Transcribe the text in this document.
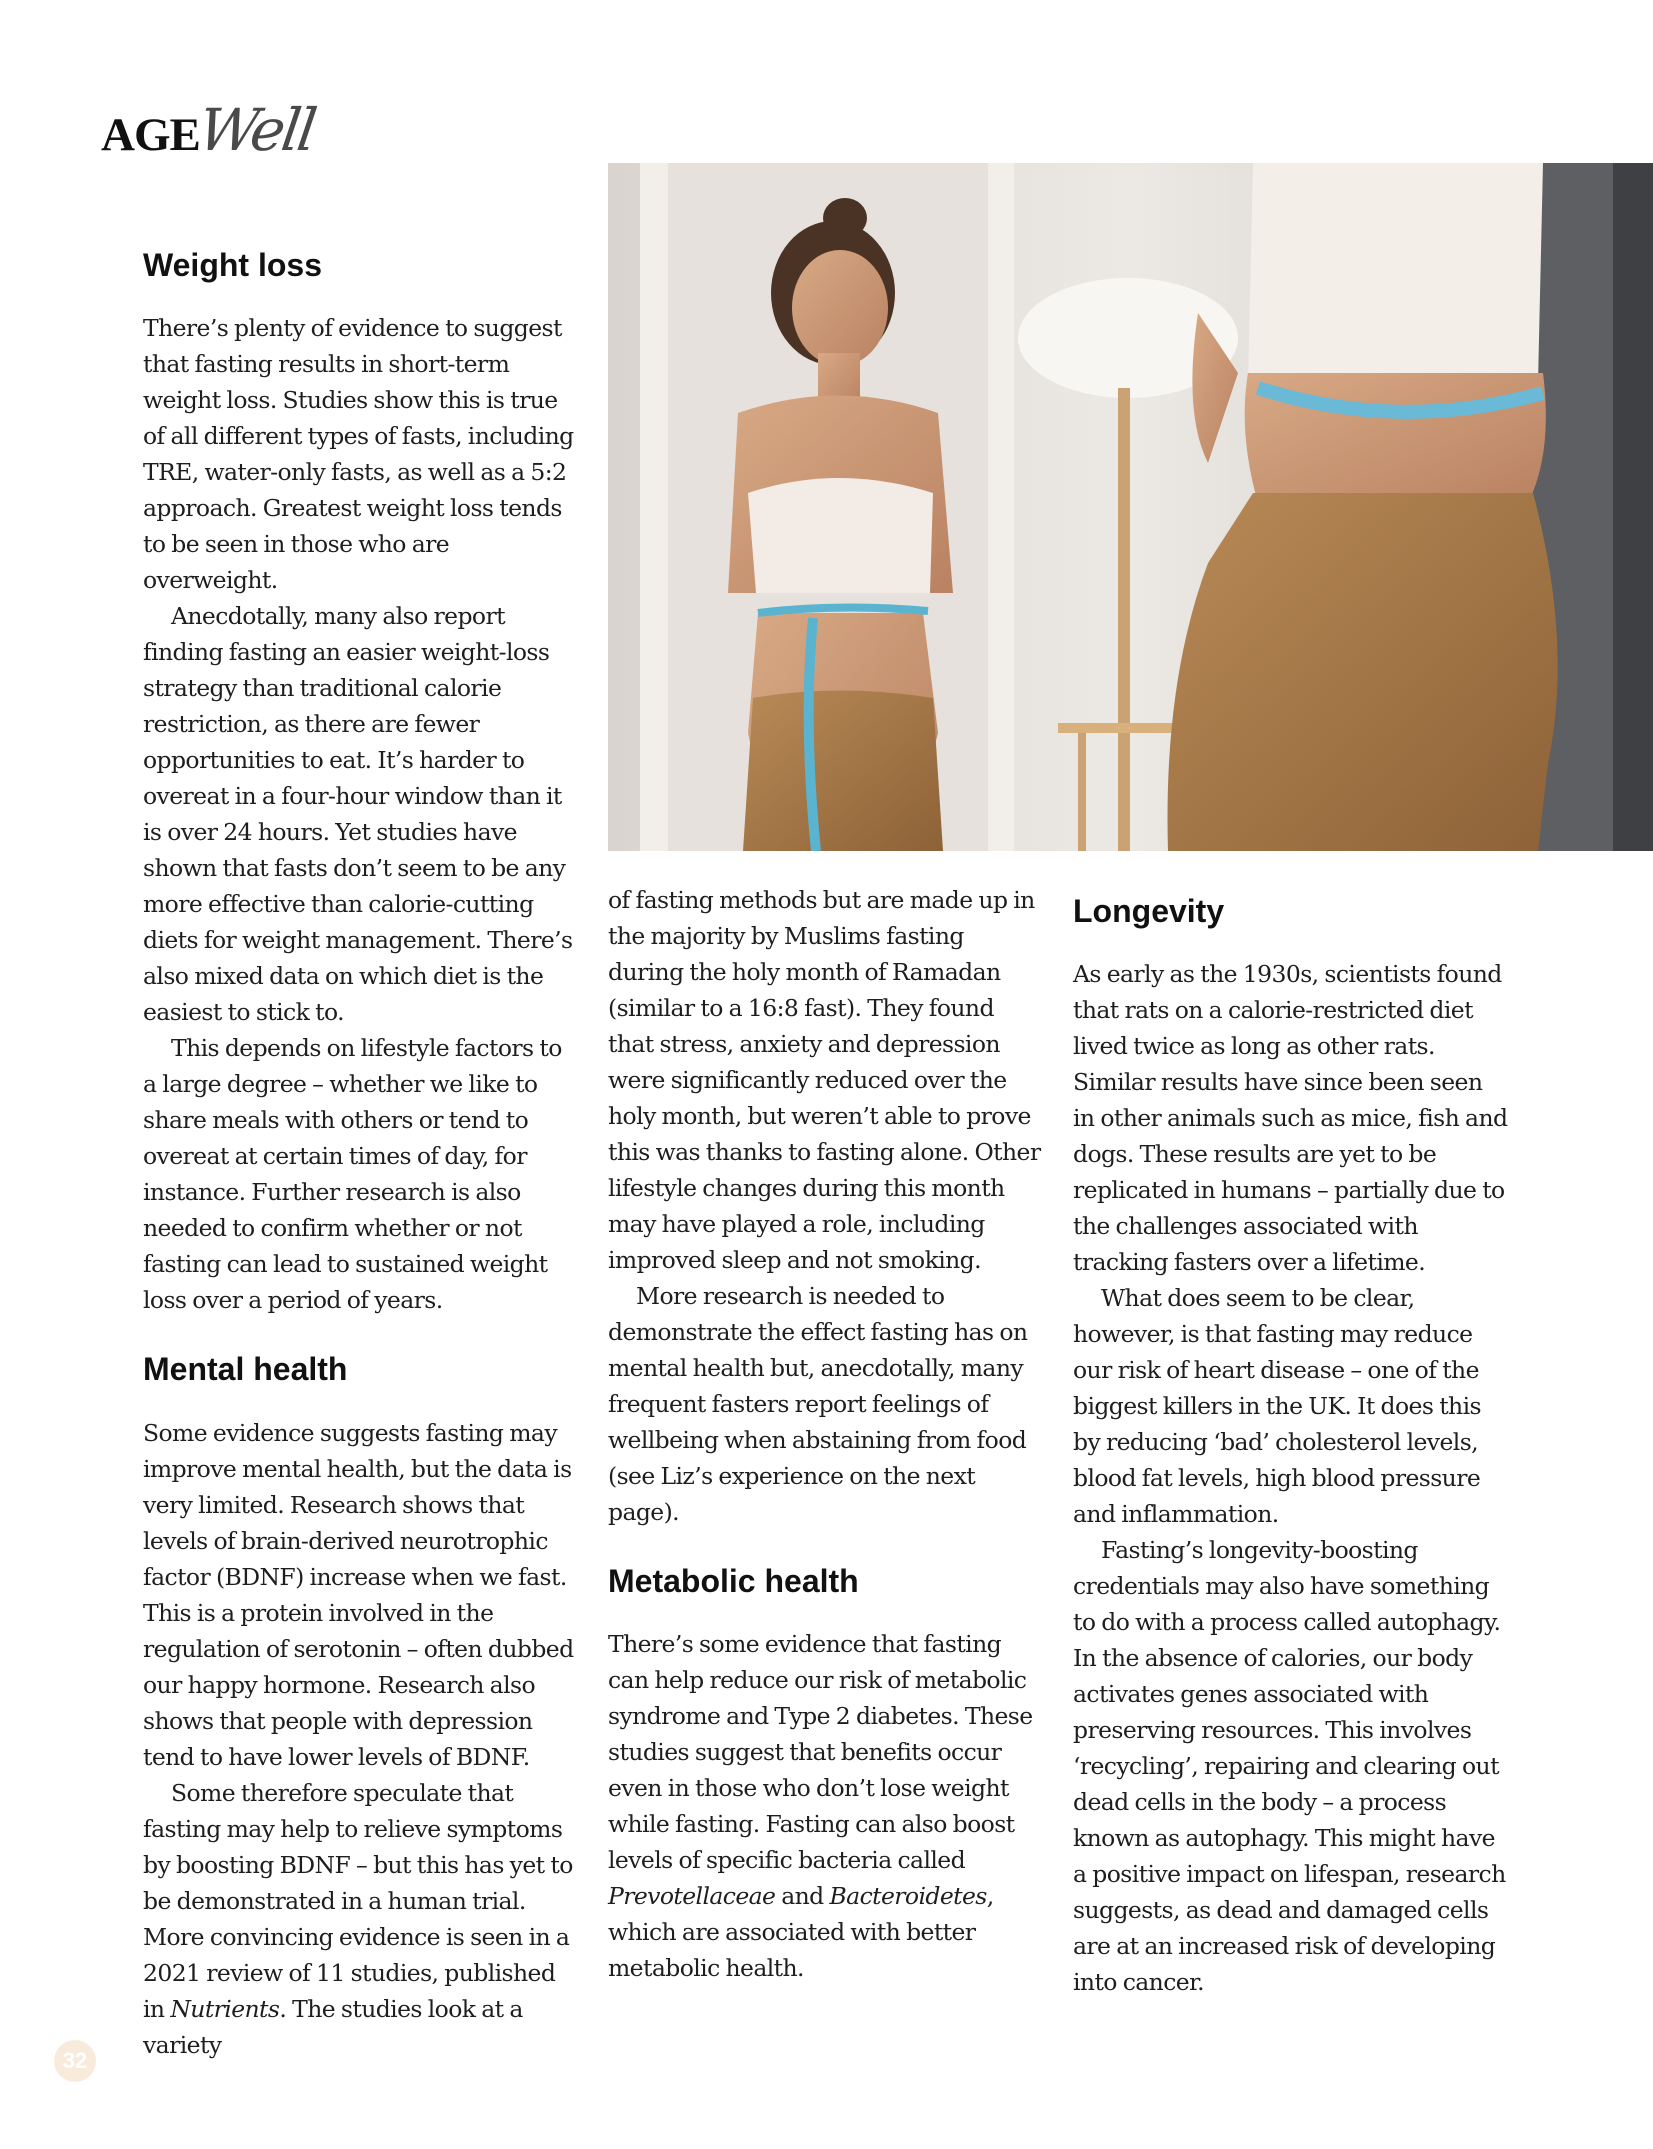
AGE
Well
Weight loss

There’s plenty of evidence to suggest that fasting results in short-term weight loss. Studies show this is true of all different types of fasts, including TRE, water-only fasts, as well as a 5:2 approach. Greatest weight loss tends to be seen in those who are overweight.

Anecdotally, many also report finding fasting an easier weight-loss strategy than traditional calorie restriction, as there are fewer opportunities to eat. It’s harder to overeat in a four-hour window than it is over 24 hours. Yet studies have shown that fasts don’t seem to be any more effective than calorie-cutting diets for weight management. There’s also mixed data on which diet is the easiest to stick to.

This depends on lifestyle factors to a large degree – whether we like to share meals with others or tend to overeat at certain times of day, for instance. Further research is also needed to confirm whether or not fasting can lead to sustained weight loss over a period of years.

Mental health

Some evidence suggests fasting may improve mental health, but the data is very limited. Research shows that levels of brain-derived neurotrophic factor (BDNF) increase when we fast. This is a protein involved in the regulation of serotonin – often dubbed our happy hormone. Research also shows that people with depression tend to have lower levels of BDNF.

Some therefore speculate that fasting may help to relieve symptoms by boosting BDNF – but this has yet to be demonstrated in a human trial. More convincing evidence is seen in a 2021 review of 11 studies, published in Nutrients. The studies look at a variety

of fasting methods but are made up in the majority by Muslims fasting during the holy month of Ramadan (similar to a 16:8 fast). They found that stress, anxiety and depression were significantly reduced over the holy month, but weren’t able to prove this was thanks to fasting alone. Other lifestyle changes during this month may have played a role, including improved sleep and not smoking.

More research is needed to demonstrate the effect fasting has on mental health but, anecdotally, many frequent fasters report feelings of wellbeing when abstaining from food (see Liz’s experience on the next page).

Metabolic health

There’s some evidence that fasting can help reduce our risk of metabolic syndrome and Type 2 diabetes. These studies suggest that benefits occur even in those who don’t lose weight while fasting. Fasting can also boost levels of specific bacteria called Prevotellaceae and Bacteroidetes, which are associated with better metabolic health.

Longevity

As early as the 1930s, scientists found that rats on a calorie-restricted diet lived twice as long as other rats. Similar results have since been seen in other animals such as mice, fish and dogs. These results are yet to be replicated in humans – partially due to the challenges associated with tracking fasters over a lifetime.

What does seem to be clear, however, is that fasting may reduce our risk of heart disease – one of the biggest killers in the UK. It does this by reducing ‘bad’ cholesterol levels, blood fat levels, high blood pressure and inflammation.

Fasting’s longevity-boosting credentials may also have something to do with a process called autophagy. In the absence of calories, our body activates genes associated with preserving resources. This involves ‘recycling’, repairing and clearing out dead cells in the body – a process known as autophagy. This might have a positive impact on lifespan, research suggests, as dead and damaged cells are at an increased risk of developing into cancer.

32
